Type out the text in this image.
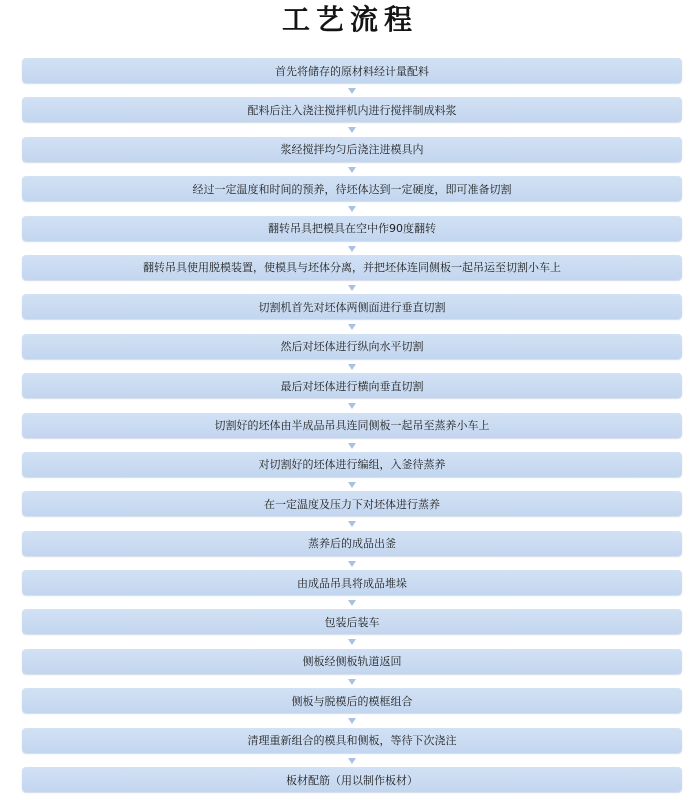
工艺流程
首先将储存的原材料经计量配料
配料后注入浇注搅拌机内进行搅拌制成料浆
浆经搅拌均匀后浇注进模具内
经过一定温度和时间的预养，待坯体达到一定硬度，即可准备切割
翻转吊具把模具在空中作90度翻转
翻转吊具使用脱模装置，使模具与坯体分离，并把坯体连同侧板一起吊运至切割小车上
切割机首先对坯体两侧面进行垂直切割
然后对坯体进行纵向水平切割
最后对坯体进行横向垂直切割
切割好的坯体由半成品吊具连同侧板一起吊至蒸养小车上
对切割好的坯体进行编组，入釜待蒸养
在一定温度及压力下对坯体进行蒸养
蒸养后的成品出釜
由成品吊具将成品堆垛
包装后装车
侧板经侧板轨道返回
侧板与脱模后的模框组合
清理重新组合的模具和侧板，等待下次浇注
板材配筋（用以制作板材）
